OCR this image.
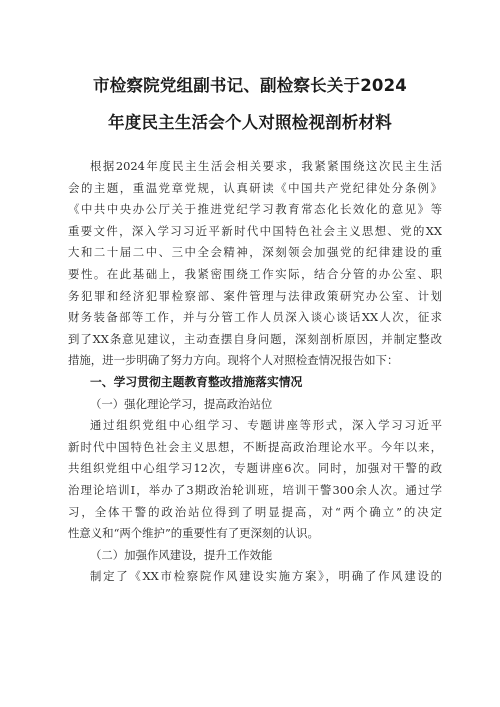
市检察院党组副书记、副检察长关于2024
年度民主生活会个人对照检视剖析材料
根据2024年度民主生活会相关要求，我紧紧围绕这次民主生活
会的主题，重温党章党规，认真研读《中国共产党纪律处分条例》
《中共中央办公厅关于推进党纪学习教育常态化长效化的意见》等
重要文件，深入学习习近平新时代中国特色社会主义思想、党的XX
大和二十届二中、三中全会精神，深刻领会加强党的纪律建设的重
要性。在此基础上，我紧密围绕工作实际，结合分管的办公室、职
务犯罪和经济犯罪检察部、案件管理与法律政策研究办公室、计划
财务装备部等工作，并与分管工作人员深入谈心谈话XX人次，征求
到了XX条意见建议，主动查摆自身问题，深刻剖析原因，并制定整改
措施，进一步明确了努力方向。现将个人对照检查情况报告如下：
一、学习贯彻主题教育整改措施落实情况
（一）强化理论学习，提高政治站位
通过组织党组中心组学习、专题讲座等形式，深入学习习近平
新时代中国特色社会主义思想，不断提高政治理论水平。今年以来，
共组织党组中心组学习12次，专题讲座6次。同时，加强对干警的政
治理论培训Ⅰ，举办了3期政治轮训班，培训干警300余人次。通过学
习，全体干警的政治站位得到了明显提高，对“两个确立”的决定
性意义和“两个维护”的重要性有了更深刻的认识。
（二）加强作风建设，提升工作效能
制定了《XX市检察院作风建设实施方案》，明确了作风建设的
